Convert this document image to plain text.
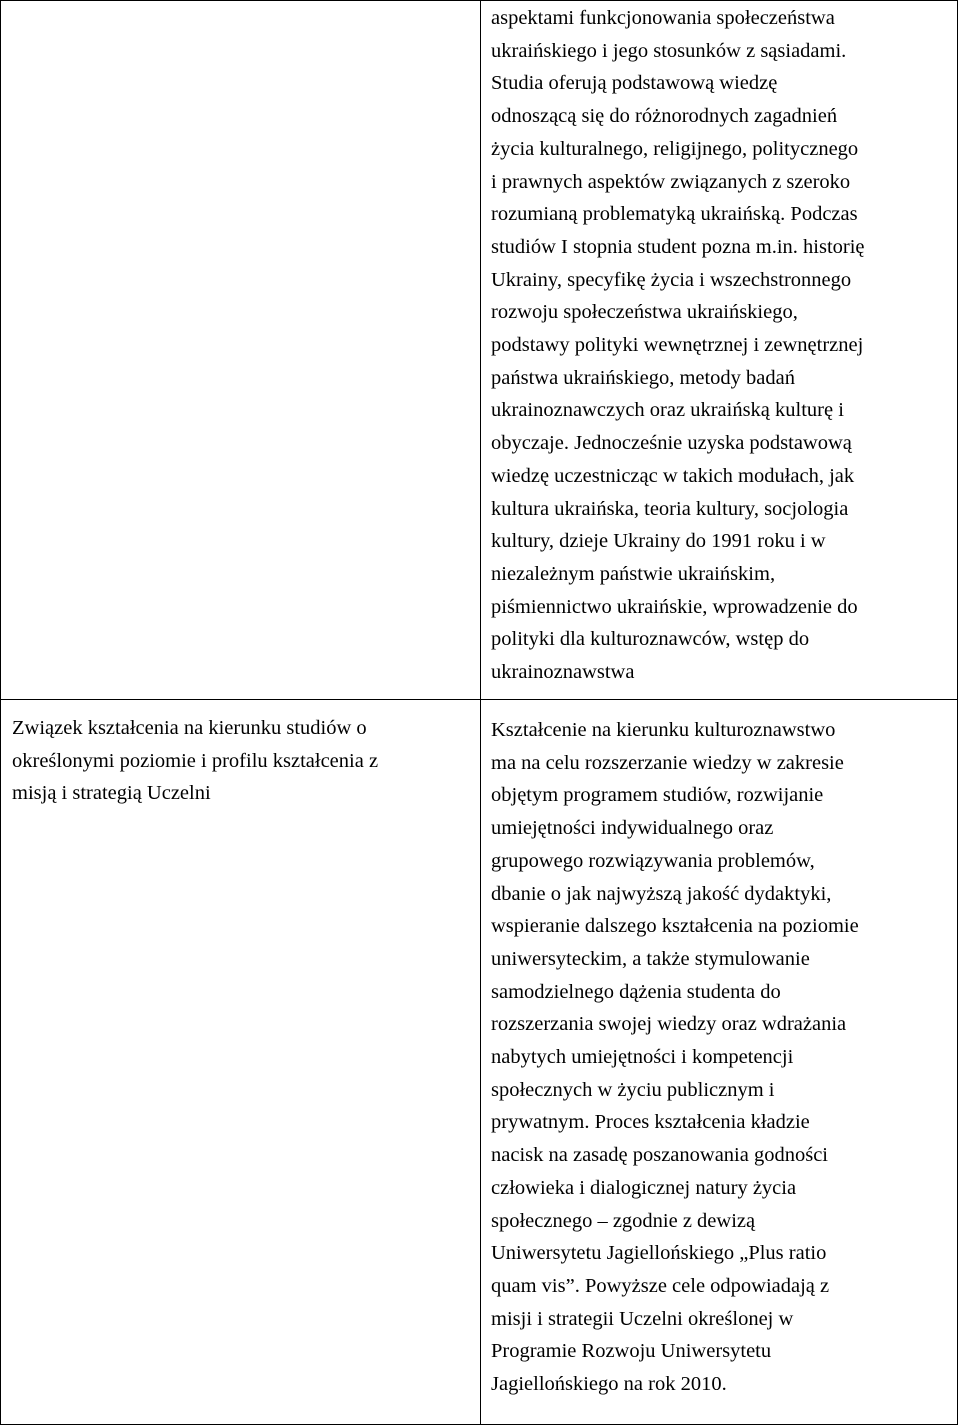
aspektami funkcjonowania społeczeństwa
ukraińskiego i jego stosunków z sąsiadami.
Studia oferują podstawową wiedzę
odnoszącą się do różnorodnych zagadnień
życia kulturalnego, religijnego, politycznego
i prawnych aspektów związanych z szeroko
rozumianą problematyką ukraińską. Podczas
studiów I stopnia student pozna m.in. historię
Ukrainy, specyfikę życia i wszechstronnego
rozwoju społeczeństwa ukraińskiego,
podstawy polityki wewnętrznej i zewnętrznej
państwa ukraińskiego, metody badań
ukrainoznawczych oraz ukraińską kulturę i
obyczaje. Jednocześnie uzyska podstawową
wiedzę uczestnicząc w takich modułach, jak
kultura ukraińska, teoria kultury, socjologia
kultury, dzieje Ukrainy do 1991 roku i w
niezależnym państwie ukraińskim,
piśmiennictwo ukraińskie, wprowadzenie do
polityki dla kulturoznawców, wstęp do
ukrainoznawstwa
Związek kształcenia na kierunku studiów o
określonymi poziomie i profilu kształcenia z
misją i strategią Uczelni
Kształcenie na kierunku kulturoznawstwo
ma na celu rozszerzanie wiedzy w zakresie
objętym programem studiów, rozwijanie
umiejętności indywidualnego oraz
grupowego rozwiązywania problemów,
dbanie o jak najwyższą jakość dydaktyki,
wspieranie dalszego kształcenia na poziomie
uniwersyteckim, a także stymulowanie
samodzielnego dążenia studenta do
rozszerzania swojej wiedzy oraz wdrażania
nabytych umiejętności i kompetencji
społecznych w życiu publicznym i
prywatnym. Proces kształcenia kładzie
nacisk na zasadę poszanowania godności
człowieka i dialogicznej natury życia
społecznego – zgodnie z dewizą
Uniwersytetu Jagiellońskiego „Plus ratio
quam vis”. Powyższe cele odpowiadają z
misji i strategii Uczelni określonej w
Programie Rozwoju Uniwersytetu
Jagiellońskiego na rok 2010.
